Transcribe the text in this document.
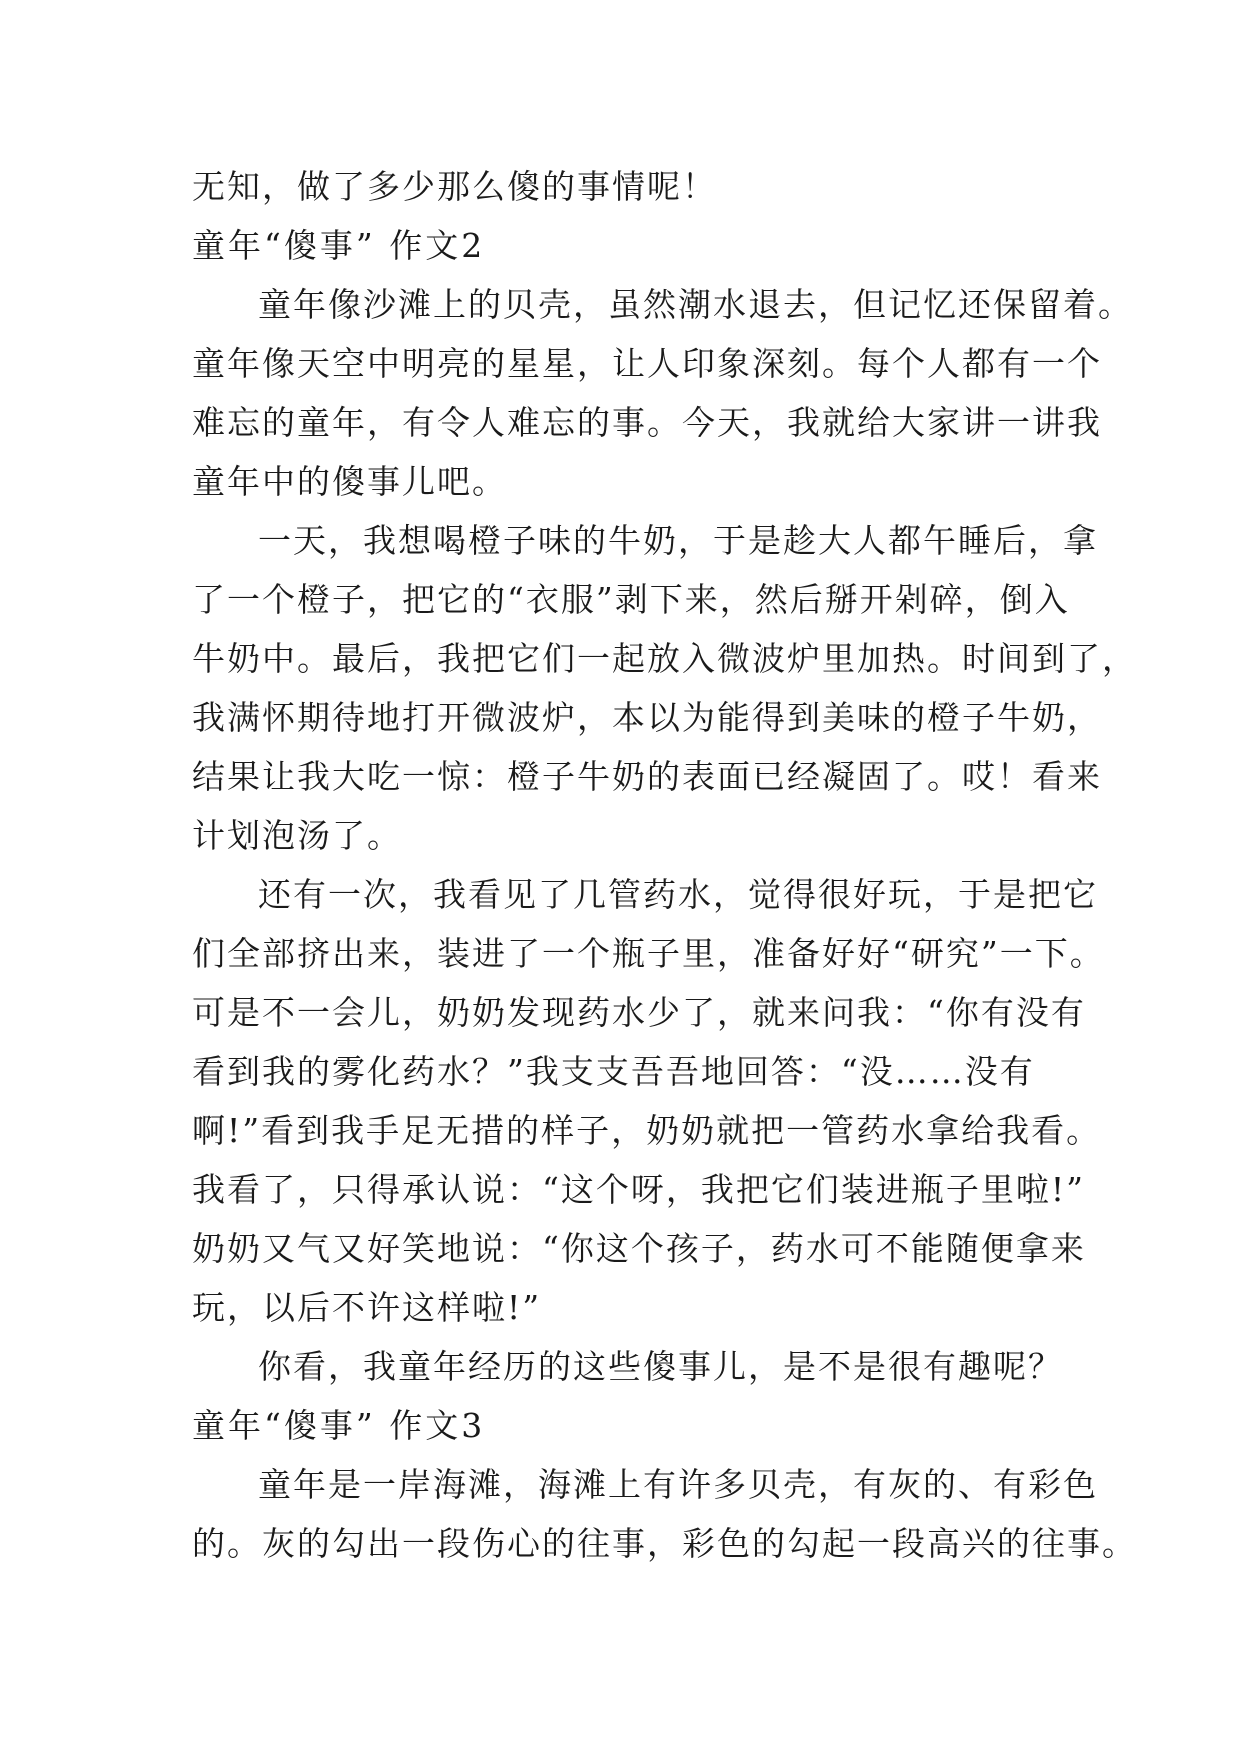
无知，做了多少那么傻的事情呢！
童年“傻事” 作文2
童年像沙滩上的贝壳，虽然潮水退去，但记忆还保留着。
童年像天空中明亮的星星，让人印象深刻。每个人都有一个
难忘的童年，有令人难忘的事。今天，我就给大家讲一讲我
童年中的傻事儿吧。
一天，我想喝橙子味的牛奶，于是趁大人都午睡后，拿
了一个橙子，把它的“衣服”剥下来，然后掰开剁碎，倒入
牛奶中。最后，我把它们一起放入微波炉里加热。时间到了，
我满怀期待地打开微波炉，本以为能得到美味的橙子牛奶，
结果让我大吃一惊：橙子牛奶的表面已经凝固了。哎！看来
计划泡汤了。
还有一次，我看见了几管药水，觉得很好玩，于是把它
们全部挤出来，装进了一个瓶子里，准备好好“研究”一下。
可是不一会儿，奶奶发现药水少了，就来问我：“你有没有
看到我的雾化药水？”我支支吾吾地回答：“没……没有
啊!”看到我手足无措的样子，奶奶就把一管药水拿给我看。
我看了，只得承认说：“这个呀，我把它们装进瓶子里啦!”
奶奶又气又好笑地说：“你这个孩子，药水可不能随便拿来
玩，以后不许这样啦!”
你看，我童年经历的这些傻事儿，是不是很有趣呢？
童年“傻事” 作文3
童年是一岸海滩，海滩上有许多贝壳，有灰的、有彩色
的。灰的勾出一段伤心的往事，彩色的勾起一段高兴的往事。
